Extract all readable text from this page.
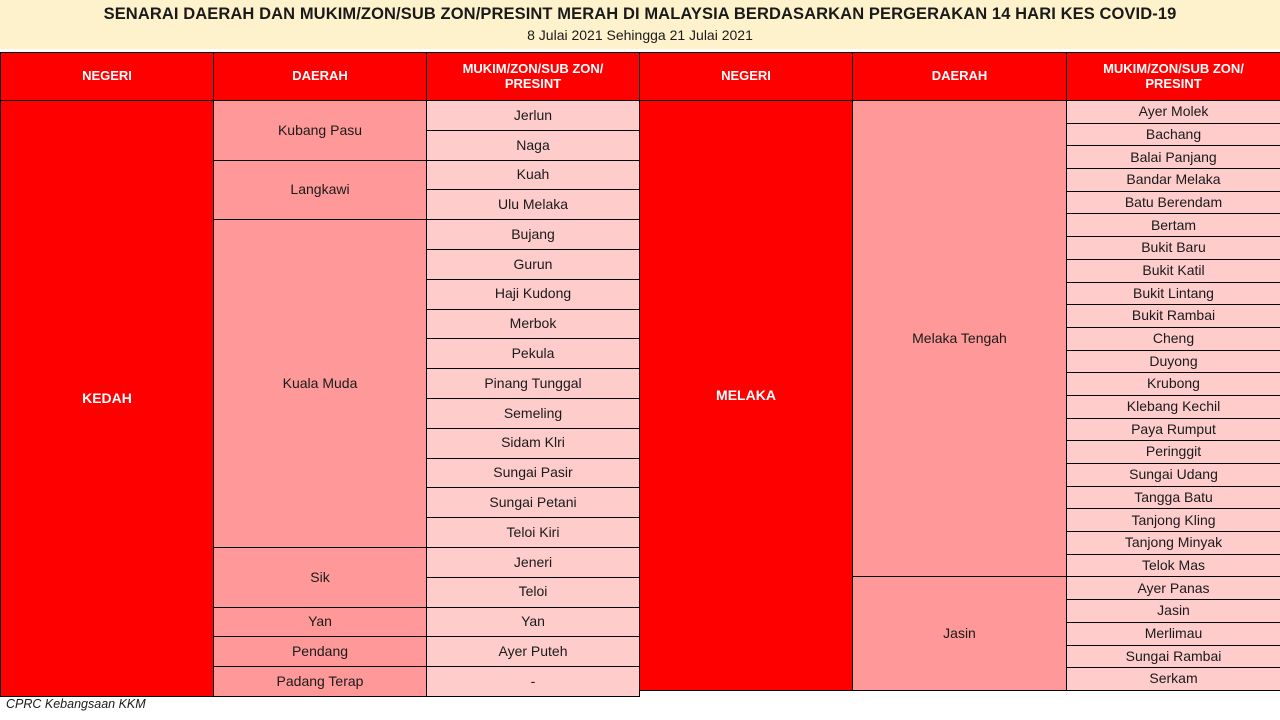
SENARAI DAERAH DAN MUKIM/ZON/SUB ZON/PRESINT MERAH DI MALAYSIA BERDASARKAN PERGERAKAN 14 HARI KES COVID-19
8 Julai 2021 Sehingga 21 Julai 2021
NEGERI	DAERAH	MUKIM/ZON/SUB ZON/
PRESINT
KEDAH	Kubang Pasu	Jerlun
		Naga
	Langkawi	Kuah
		Ulu Melaka
	Kuala Muda	Bujang
		Gurun
		Haji Kudong
		Merbok
		Pekula
		Pinang Tunggal
		Semeling
		Sidam Klri
		Sungai Pasir
		Sungai Petani
		Teloi Kiri
	Sik	Jeneri
		Teloi
	Yan	Yan
	Pendang	Ayer Puteh
	Padang Terap	-
NEGERI	DAERAH	MUKIM/ZON/SUB ZON/
PRESINT
MELAKA	Melaka Tengah	Ayer Molek
		Bachang
		Balai Panjang
		Bandar Melaka
		Batu Berendam
		Bertam
		Bukit Baru
		Bukit Katil
		Bukit Lintang
		Bukit Rambai
		Cheng
		Duyong
		Krubong
		Klebang Kechil
		Paya Rumput
		Peringgit
		Sungai Udang
		Tangga Batu
		Tanjong Kling
		Tanjong Minyak
		Telok Mas
	Jasin	Ayer Panas
		Jasin
		Merlimau
		Sungai Rambai
		Serkam
CPRC Kebangsaan KKM
